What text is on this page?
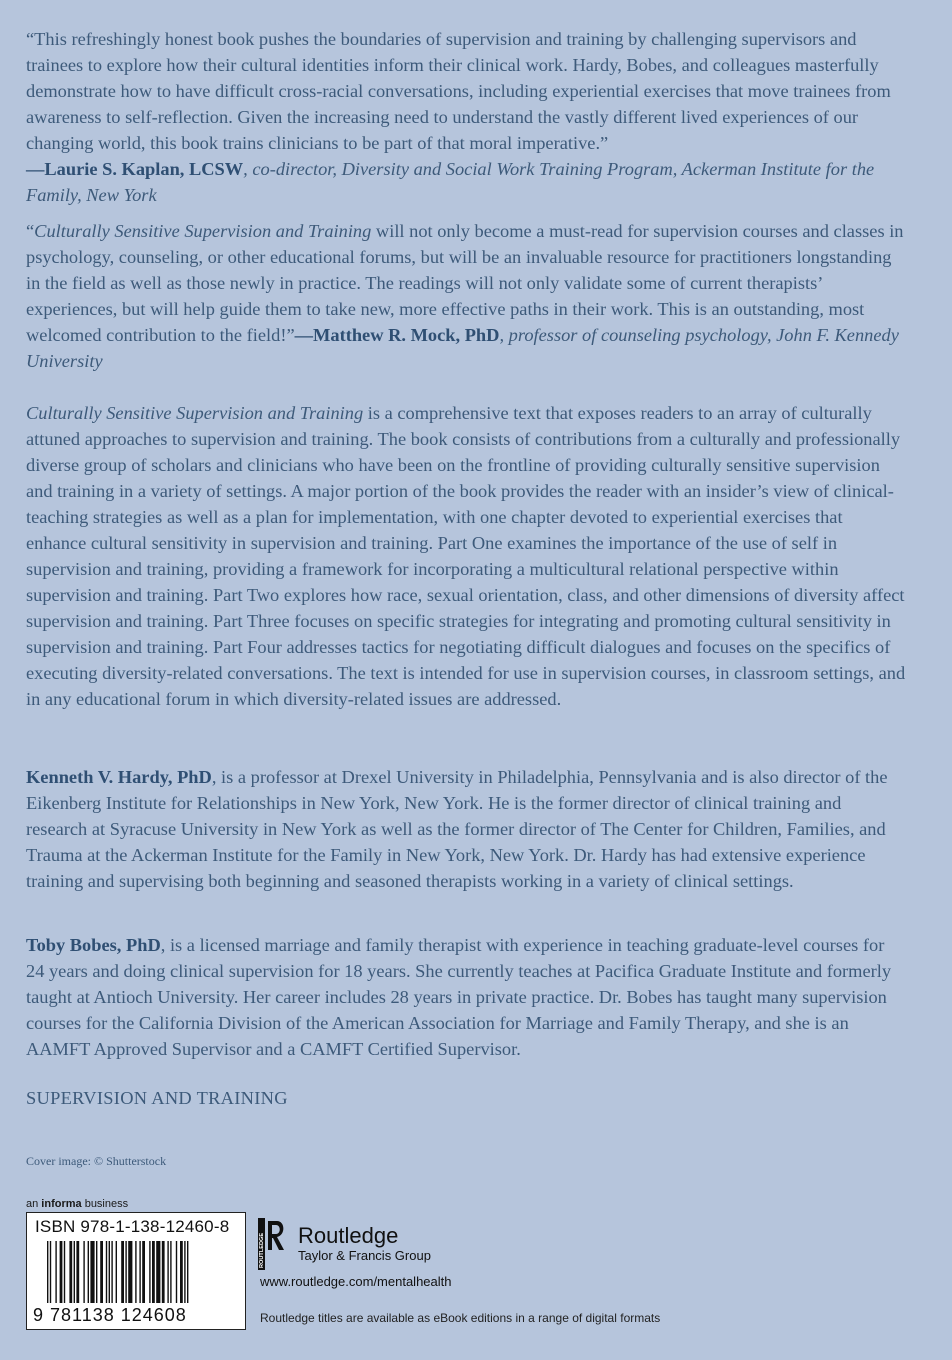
“This refreshingly honest book pushes the boundaries of supervision and training by challenging supervisors and trainees to explore how their cultural identities inform their clinical work. Hardy, Bobes, and colleagues masterfully demonstrate how to have difficult cross-racial conversations, including experiential exercises that move trainees from awareness to self-reflection. Given the increasing need to understand the vastly different lived experiences of our changing world, this book trains clinicians to be part of that moral imperative.”
—Laurie S. Kaplan, LCSW, co-director, Diversity and Social Work Training Program, Ackerman Institute for the Family, New York

“Culturally Sensitive Supervision and Training will not only become a must-read for supervision courses and classes in psychology, counseling, or other educational forums, but will be an invaluable resource for practitioners longstanding in the field as well as those newly in practice. The readings will not only validate some of current therapists’ experiences, but will help guide them to take new, more effective paths in their work. This is an outstanding, most welcomed contribution to the field!”—Matthew R. Mock, PhD, professor of counseling psychology, John F. Kennedy University

Culturally Sensitive Supervision and Training is a comprehensive text that exposes readers to an array of culturally attuned approaches to supervision and training. The book consists of contributions from a culturally and professionally diverse group of scholars and clinicians who have been on the frontline of providing culturally sensitive supervision and training in a variety of settings. A major portion of the book provides the reader with an insider’s view of clinical-teaching strategies as well as a plan for implementation, with one chapter devoted to experiential exercises that enhance cultural sensitivity in supervision and training. Part One examines the importance of the use of self in supervision and training, providing a framework for incorporating a multicultural relational perspective within supervision and training. Part Two explores how race, sexual orientation, class, and other dimensions of diversity affect supervision and training. Part Three focuses on specific strategies for integrating and promoting cultural sensitivity in supervision and training. Part Four addresses tactics for negotiating difficult dialogues and focuses on the specifics of executing diversity-related conversations. The text is intended for use in supervision courses, in classroom settings, and in any educational forum in which diversity-related issues are addressed.

Kenneth V. Hardy, PhD, is a professor at Drexel University in Philadelphia, Pennsylvania and is also director of the Eikenberg Institute for Relationships in New York, New York. He is the former director of clinical training and research at Syracuse University in New York as well as the former director of The Center for Children, Families, and Trauma at the Ackerman Institute for the Family in New York, New York. Dr. Hardy has had extensive experience training and supervising both beginning and seasoned therapists working in a variety of clinical settings.

Toby Bobes, PhD, is a licensed marriage and family therapist with experience in teaching graduate-level courses for 24 years and doing clinical supervision for 18 years. She currently teaches at Pacifica Graduate Institute and formerly taught at Antioch University. Her career includes 28 years in private practice. Dr. Bobes has taught many supervision courses for the California Division of the American Association for Marriage and Family Therapy, and she is an AAMFT Approved Supervisor and a CAMFT Certified Supervisor.

SUPERVISION AND TRAINING
Cover image: © Shutterstock
an informa business
ISBN 978-1-138-12460-8
9 781138 124608
ROUTLEDGE Routledge
Taylor & Francis Group
www.routledge.com/mentalhealth
Routledge titles are available as eBook editions in a range of digital formats
